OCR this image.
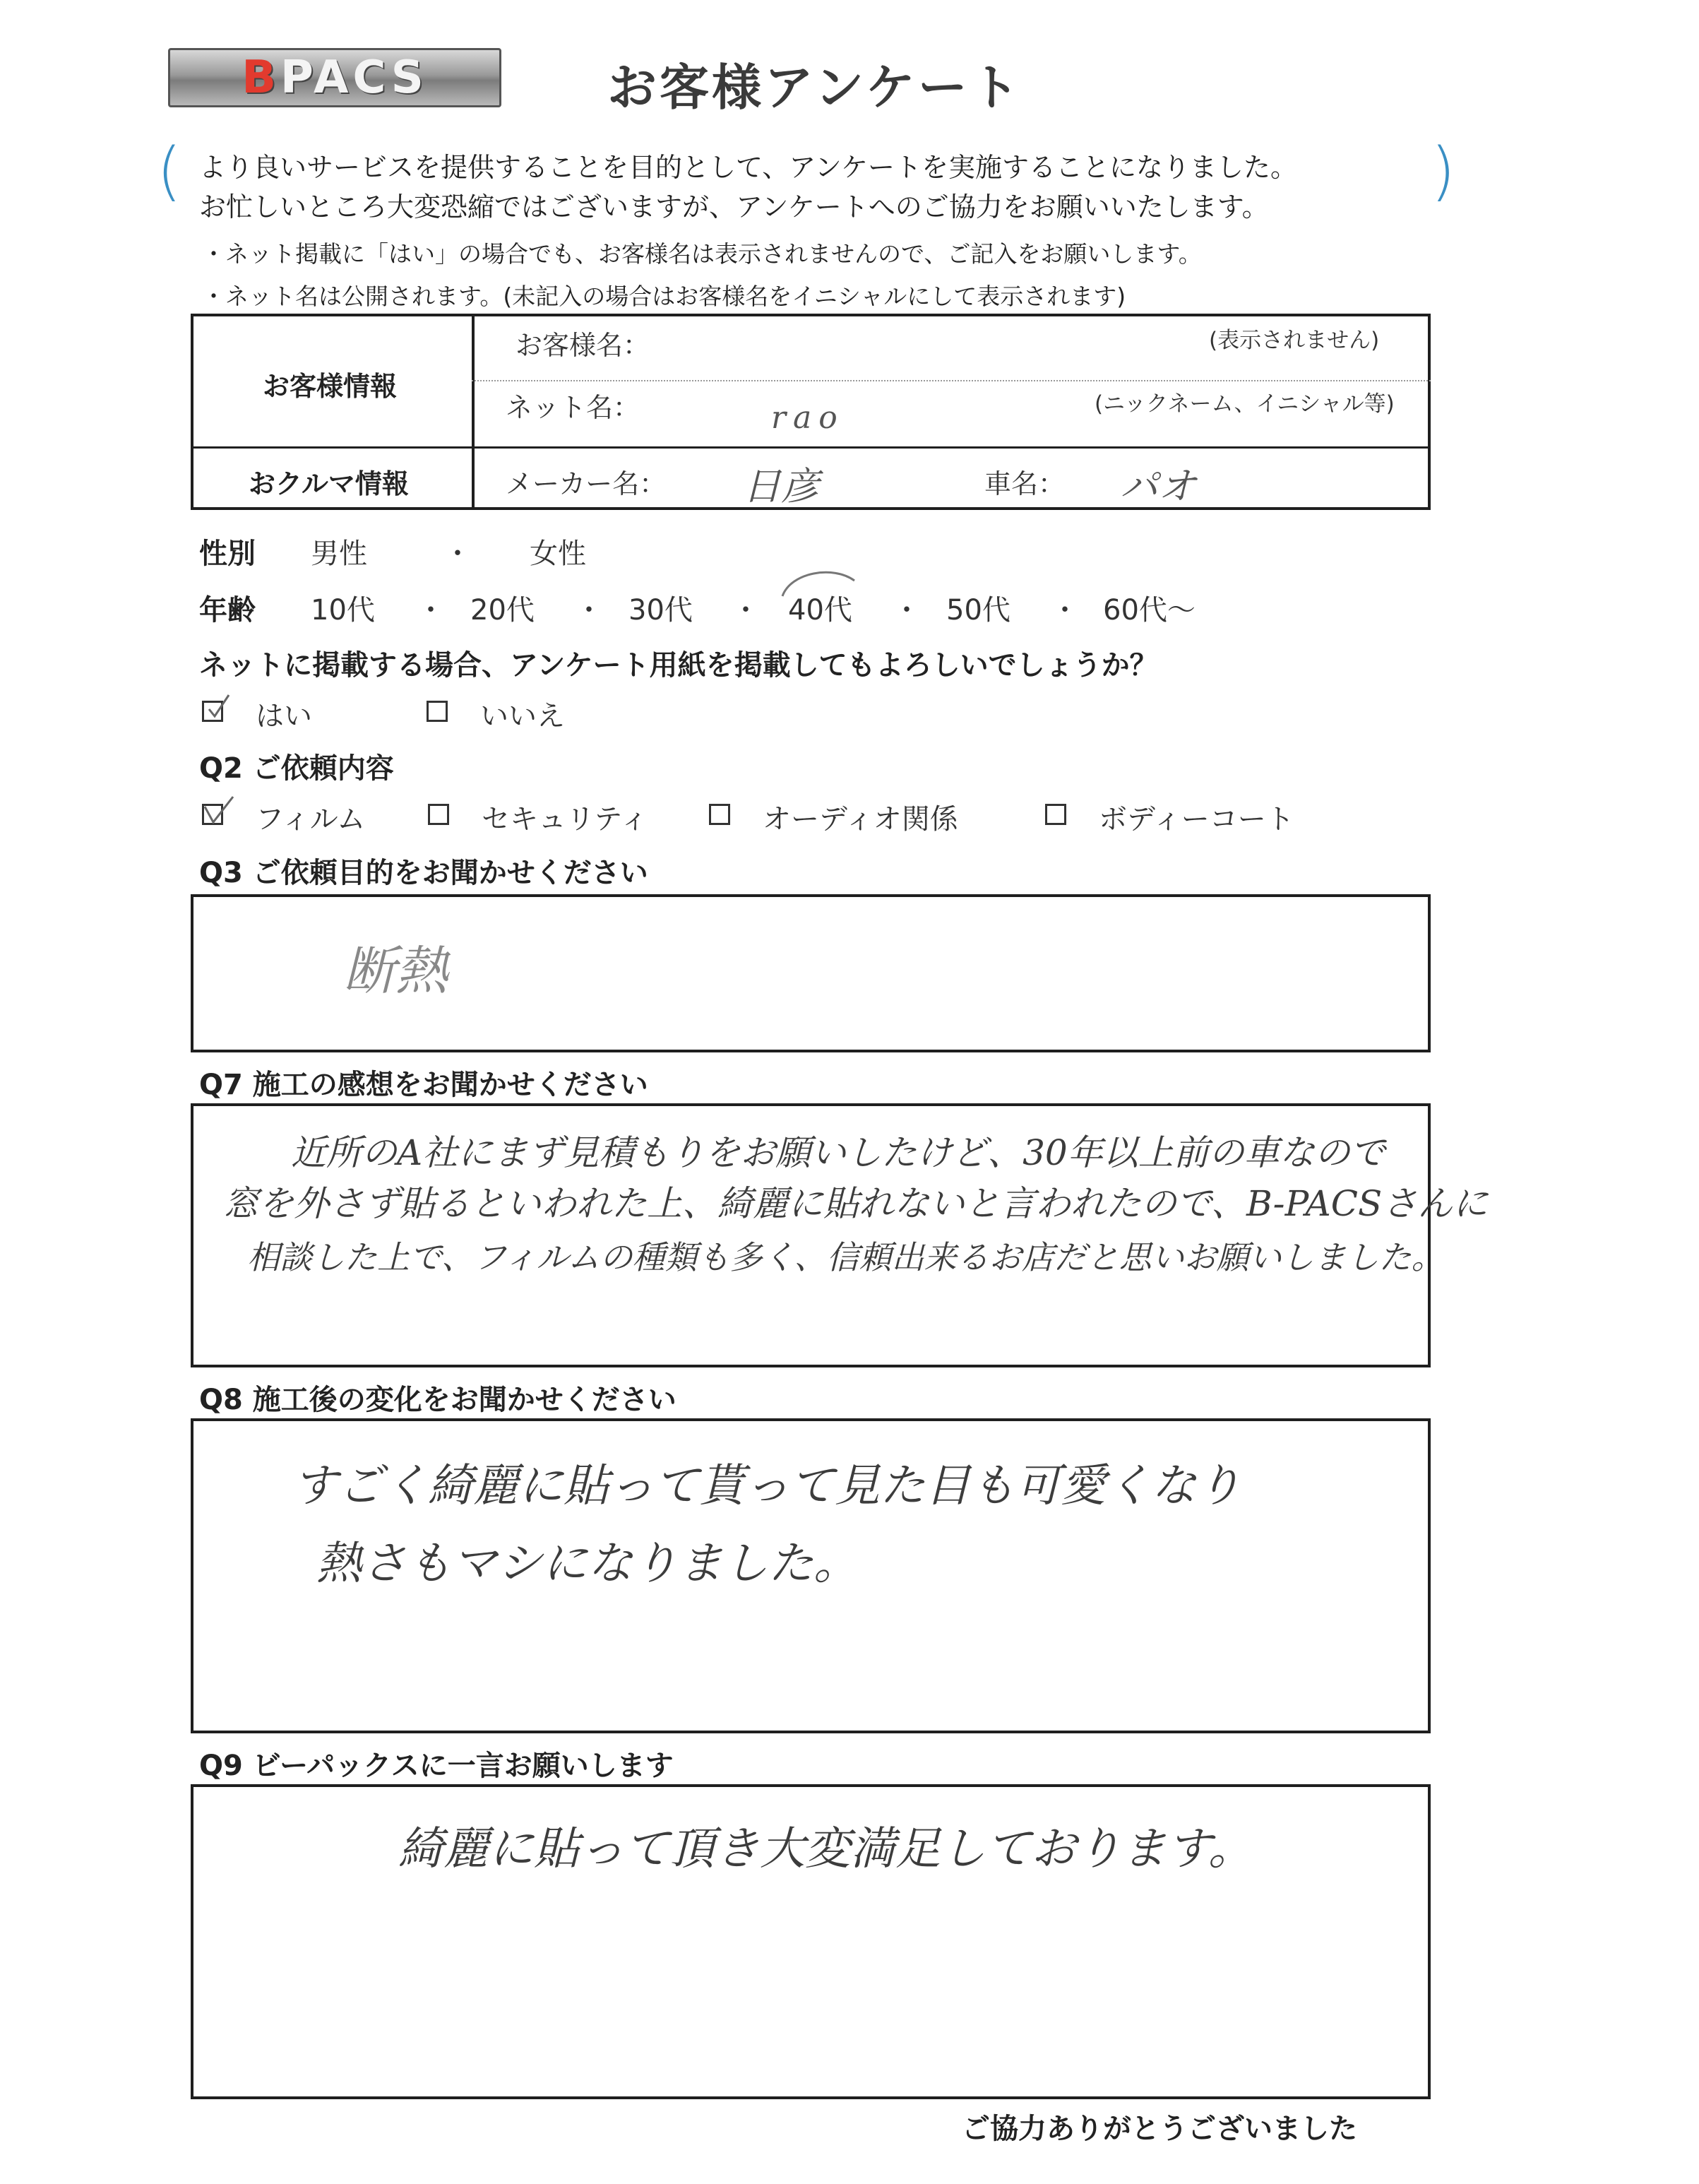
BPACS	お客様アンケート
(	)
より良いサービスを提供することを目的として、アンケートを実施することになりました。
お忙しいところ大変恐縮ではございますが、アンケートへのご協力をお願いいたします。
・ネット掲載に「はい」の場合でも、お客様名は表示されませんので、ご記入をお願いします。
・ネット名は公開されます。(未記入の場合はお客様名をイニシャルにして表示されます)
お客様情報
お客様名：	(表示されません)
ネット名：	rao	(ニックネーム、イニシャル等)
おクルマ情報	メーカー名： 日彦	車名： パオ
性別 男性	・ 女性
年齢 10代 ・ 20代 ・ 30代 ・ 40代 ・ 50代 ・ 60代〜
ネットに掲載する場合、アンケート用紙を掲載してもよろしいでしょうか？
はい	いいえ
Q2 ご依頼内容
フィルム	セキュリティ	オーディオ関係	ボディーコート
Q3 ご依頼目的をお聞かせください
断熱
Q7 施工の感想をお聞かせください
近所のA社にまず見積もりをお願いしたけど、30年以上前の車なので
窓を外さず貼るといわれた上、綺麗に貼れないと言われたので、B-PACSさんに
相談した上で、フィルムの種類も多く、信頼出来るお店だと思いお願いしました。
Q8 施工後の変化をお聞かせください
すごく綺麗に貼って貰って見た目も可愛くなり
熱さもマシになりました。
Q9 ビーパックスに一言お願いします
綺麗に貼って頂き大変満足しております。
ご協力ありがとうございました
